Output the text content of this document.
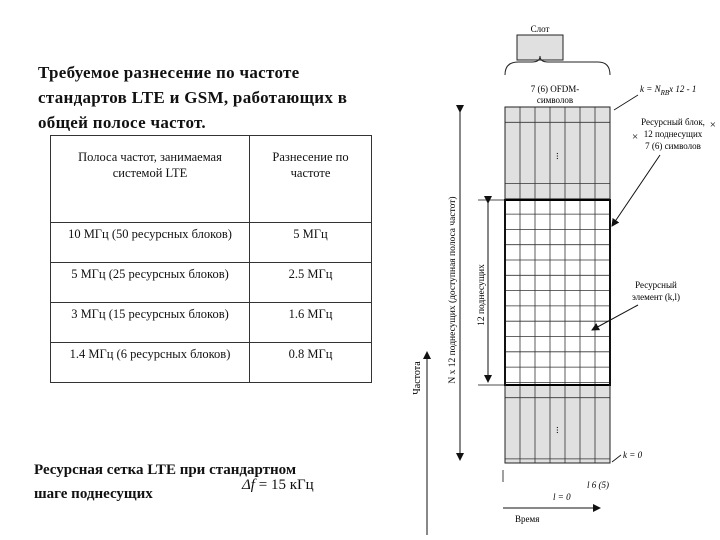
Требуемое разнесение по частоте
стандартов LTE и GSM, работающих в
общей полосе частот.
Полоса частот, занимаемая системой LTE	Разнесение по частоте
10 МГц (50 ресурсных блоков)	5 МГц
5 МГц (25 ресурсных блоков)	2.5 МГц
3 МГц (15 ресурсных блоков)	1.6 МГц
1.4 МГц (6 ресурсных блоков)	0.8 МГц
Ресурсная сетка LTE при стандартном
шаге поднесущих
Δf = 15 кГц
Слот
7 (6) OFDM-
символов
...
...
Частота	N x 12 поднесущих (доступная полоса частот) 12 поднесущих
$k = N_{RB}x$ 12 - 1
Ресурсный блок,
12 поднесущих
7 (6) символов
×
×
Ресурсный
элемент (k,l)
k = 0
Время
l = 0
l 6 (5)
